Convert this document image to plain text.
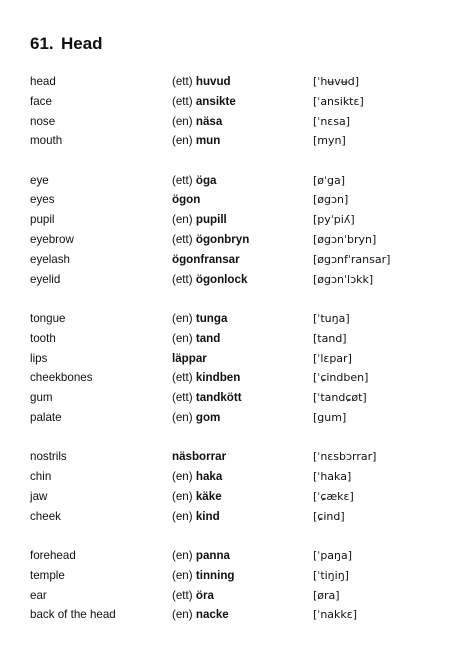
61. Head
head	(ett) huvud	[ˈhʉvʉd]
face	(ett) ansikte	[ˈansiktɛ]
nose	(en) näsa	[ˈnɛsa]
mouth	(en) mun	[myn]
eye	(ett) öga	[øˈga]
eyes	ögon	[øgɔn]
pupil	(en) pupill	[pyˈpiʎ]
eyebrow	(ett) ögonbryn	[øgɔnˈbryn]
eyelash	ögonfransar	[øgɔnfˈransar]
eyelid	(ett) ögonlock	[øgɔnˈlɔkk]
tongue	(en) tunga	[ˈtuŋa]
tooth	(en) tand	[tand]
lips	läppar	[ˈlɛpar]
cheekbones	(ett) kindben	[ˈɕindben]
gum	(ett) tandkött	[ˈtandɕøt]
palate	(en) gom	[gum]
nostrils	näsborrar	[ˈnɛsbɔrrar]
chin	(en) haka	[ˈhaka]
jaw	(en) käke	[ˈɕækɛ]
cheek	(en) kind	[ɕind]
forehead	(en) panna	[ˈpaŋa]
temple	(en) tinning	[ˈtiŋiŋ]
ear	(ett) öra	[øra]
back of the head	(en) nacke	[ˈnakkɛ]
